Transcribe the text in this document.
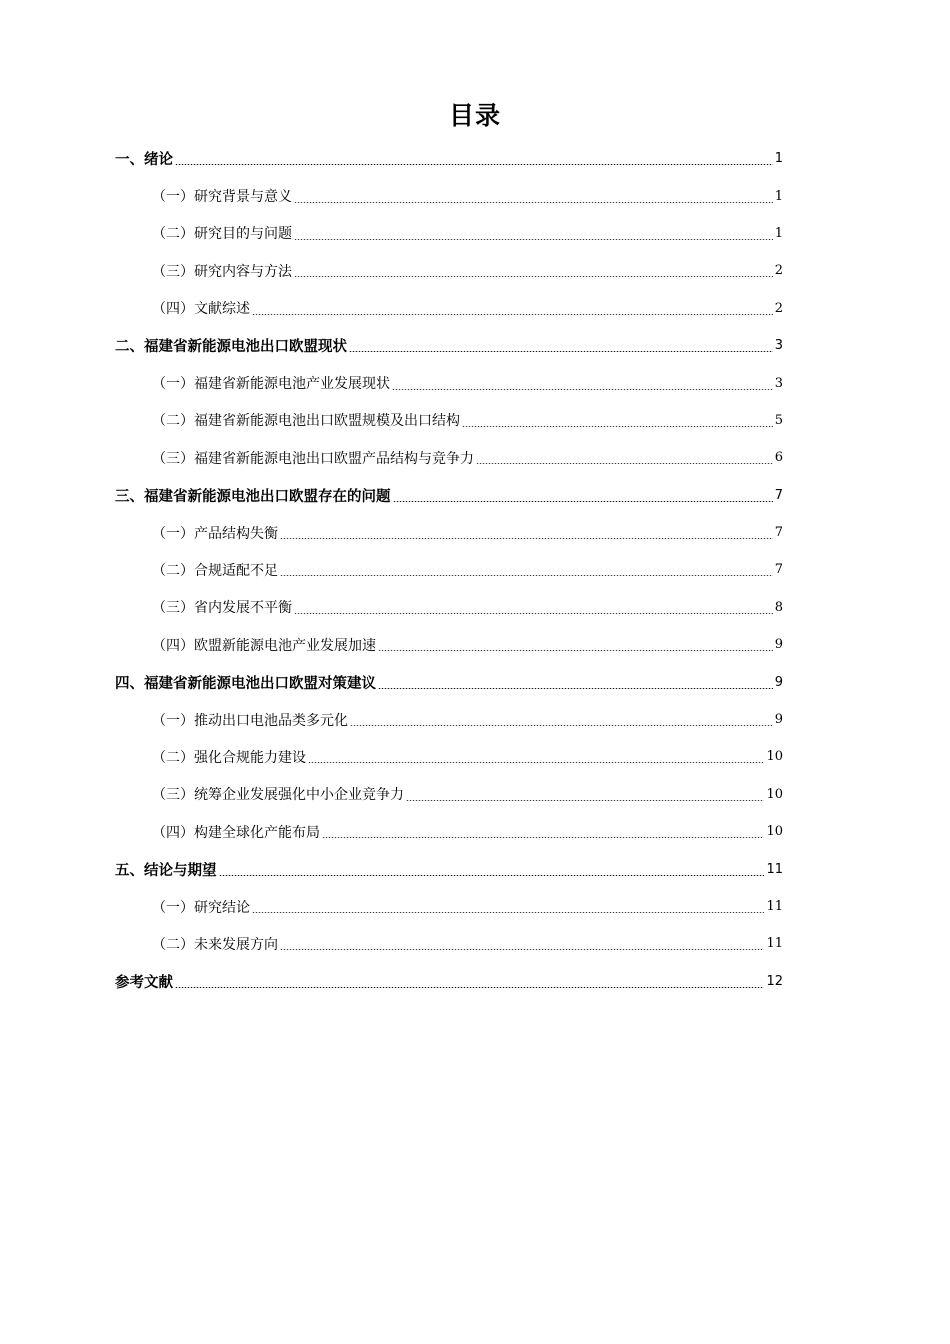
目录
一、绪论	1
（一）研究背景与意义	1
（二）研究目的与问题	1
（三）研究内容与方法	2
（四）文献综述	2
二、福建省新能源电池出口欧盟现状	3
（一）福建省新能源电池产业发展现状	3
（二）福建省新能源电池出口欧盟规模及出口结构	5
（三）福建省新能源电池出口欧盟产品结构与竞争力	6
三、福建省新能源电池出口欧盟存在的问题	7
（一）产品结构失衡	7
（二）合规适配不足	7
（三）省内发展不平衡	8
（四）欧盟新能源电池产业发展加速	9
四、福建省新能源电池出口欧盟对策建议	9
（一）推动出口电池品类多元化	9
（二）强化合规能力建设	10
（三）统筹企业发展强化中小企业竞争力	10
（四）构建全球化产能布局	10
五、结论与期望	11
（一）研究结论	11
（二）未来发展方向	11
参考文献	12
